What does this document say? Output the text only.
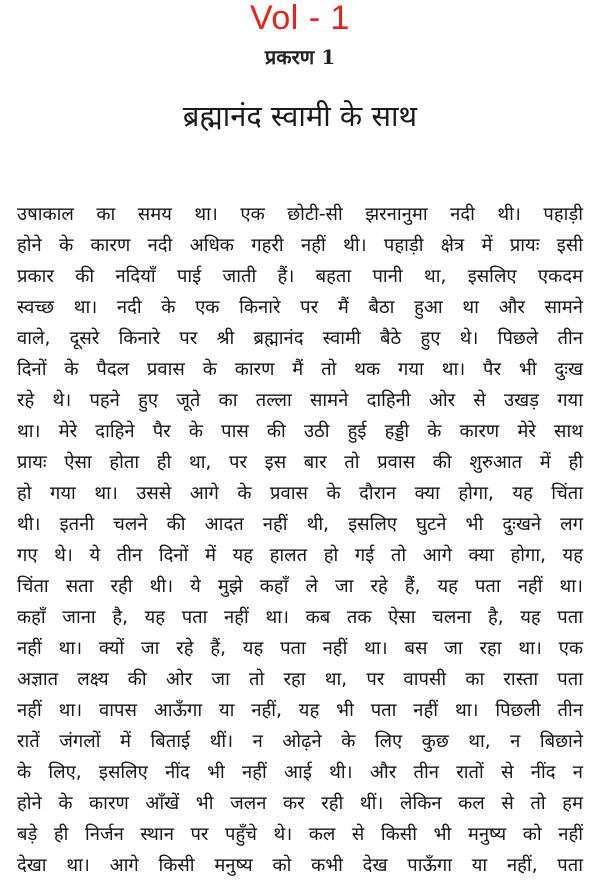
Vol - 1
प्रकरण 1
ब्रह्मानंद स्वामी के साथ
उषाकाल का समय था। एक छोटी-सी झरनानुमा नदी थी। पहाड़ी
होने के कारण नदी अधिक गहरी नहीं थी। पहाड़ी क्षेत्र में प्रायः इसी
प्रकार की नदियाँ पाई जाती हैं। बहता पानी था, इसलिए एकदम
स्वच्छ था। नदी के एक किनारे पर मैं बैठा हुआ था और सामने
वाले, दूसरे किनारे पर श्री ब्रह्मानंद स्वामी बैठे हुए थे। पिछले तीन
दिनों के पैदल प्रवास के कारण मैं तो थक गया था। पैर भी दुःख
रहे थे। पहने हुए जूते का तल्ला सामने दाहिनी ओर से उखड़ गया
था। मेरे दाहिने पैर के पास की उठी हुई हड्डी के कारण मेरे साथ
प्रायः ऐसा होता ही था, पर इस बार तो प्रवास की शुरुआत में ही
हो गया था। उससे आगे के प्रवास के दौरान क्या होगा, यह चिंता
थी। इतनी चलने की आदत नहीं थी, इसलिए घुटने भी दुःखने लग
गए थे। ये तीन दिनों में यह हालत हो गई तो आगे क्या होगा, यह
चिंता सता रही थी। ये मुझे कहाँ ले जा रहे हैं, यह पता नहीं था।
कहाँ जाना है, यह पता नहीं था। कब तक ऐसा चलना है, यह पता
नहीं था। क्यों जा रहे हैं, यह पता नहीं था। बस जा रहा था। एक
अज्ञात लक्ष्य की ओर जा तो रहा था, पर वापसी का रास्ता पता
नहीं था। वापस आऊँगा या नहीं, यह भी पता नहीं था। पिछली तीन
रातें जंगलों में बिताई थीं। न ओढ़ने के लिए कुछ था, न बिछाने
के लिए, इसलिए नींद भी नहीं आई थी। और तीन रातों से नींद न
होने के कारण आँखें भी जलन कर रही थीं। लेकिन कल से तो हम
बड़े ही निर्जन स्थान पर पहुँचे थे। कल से किसी भी मनुष्य को नहीं
देखा था। आगे किसी मनुष्य को कभी देख पाऊँगा या नहीं, पता
